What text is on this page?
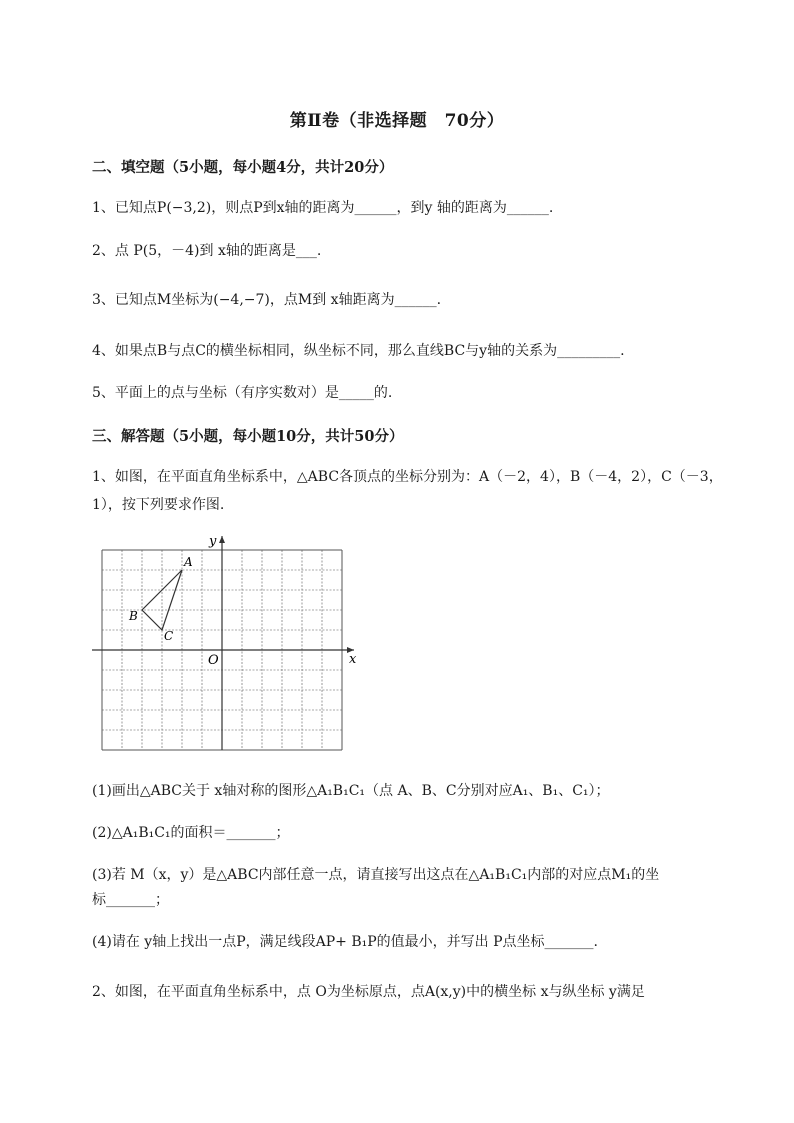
第Ⅱ卷（非选择题　70分）
二、填空题（5小题，每小题4分，共计20分）
1、已知点P(−3,2)，则点P到x轴的距离为______，到y 轴的距离为______.
2、点 P(5，－4)到 x轴的距离是___.
3、已知点M坐标为(−4,−7)，点M到 x轴距离为______.
4、如果点B与点C的横坐标相同，纵坐标不同，那么直线BC与y轴的关系为_________.
5、平面上的点与坐标（有序实数对）是_____的.
三、解答题（5小题，每小题10分，共计50分）
1、如图，在平面直角坐标系中，△ABC各顶点的坐标分别为：A（－2，4），B（－4，2），C（－3，1），按下列要求作图.
x
y
O
A
B
C
(1)画出△ABC关于 x轴对称的图形△A₁B₁C₁（点 A、B、C分别对应A₁、B₁、C₁）；
(2)△A₁B₁C₁的面积＝_______；
(3)若 M（x，y）是△ABC内部任意一点，请直接写出这点在△A₁B₁C₁内部的对应点M₁的坐
标_______；
(4)请在 y轴上找出一点P，满足线段AP+ B₁P的值最小，并写出 P点坐标_______.
2、如图，在平面直角坐标系中，点 O为坐标原点，点A(x,y)中的横坐标 x与纵坐标 y满足
